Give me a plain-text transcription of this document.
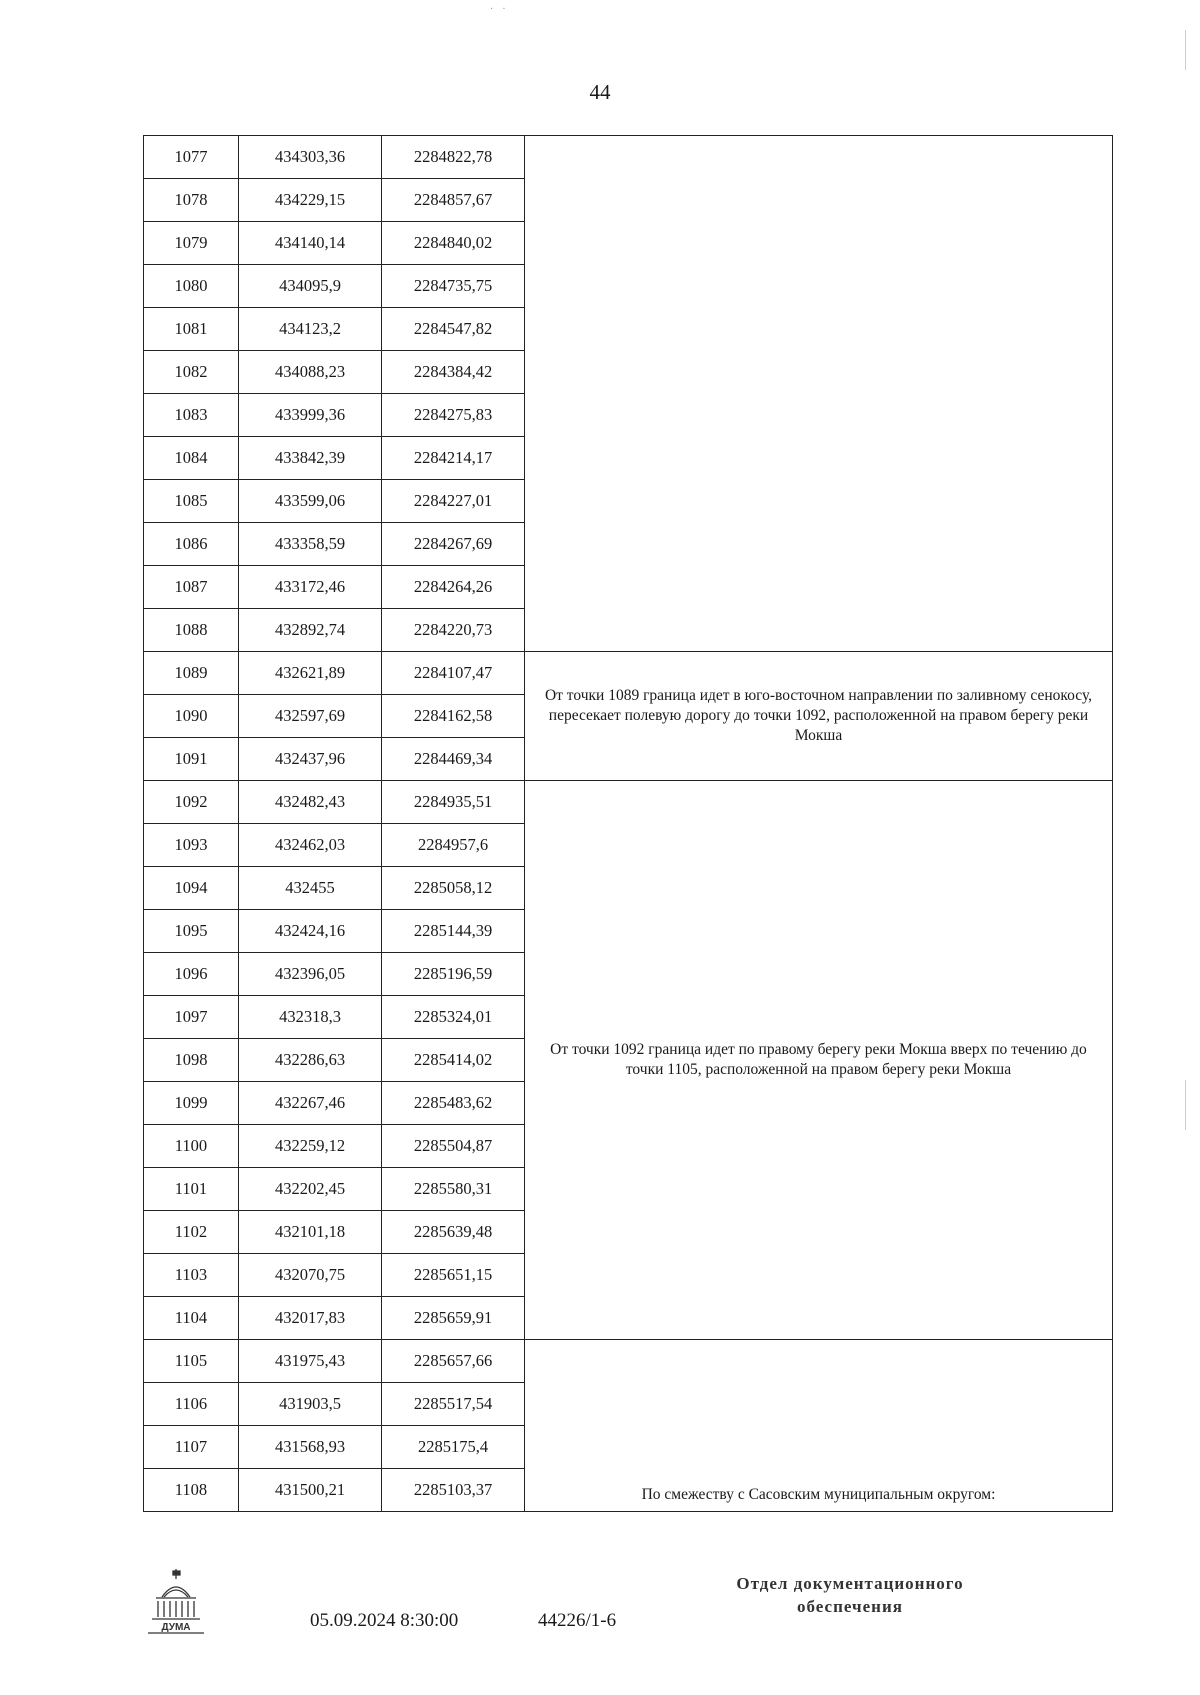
· ·
44
1077	434303,36	2284822,78	
1078	434229,15	2284857,67	
1079	434140,14	2284840,02	
1080	434095,9	2284735,75	
1081	434123,2	2284547,82	
1082	434088,23	2284384,42	
1083	433999,36	2284275,83	
1084	433842,39	2284214,17	
1085	433599,06	2284227,01	
1086	433358,59	2284267,69	
1087	433172,46	2284264,26	
1088	432892,74	2284220,73	
1089	432621,89	2284107,47	От точки 1089 граница идет в юго-восточном направлении по заливному сенокосу, пересекает полевую дорогу до точки 1092, расположенной на правом берегу реки Мокша
1090	432597,69	2284162,58	
1091	432437,96	2284469,34	
1092	432482,43	2284935,51	От точки 1092 граница идет по правому берегу реки Мокша вверх по течению до точки 1105, расположенной на правом берегу реки Мокша
1093	432462,03	2284957,6	
1094	432455	2285058,12	
1095	432424,16	2285144,39	
1096	432396,05	2285196,59	
1097	432318,3	2285324,01	
1098	432286,63	2285414,02	
1099	432267,46	2285483,62	
1100	432259,12	2285504,87	
1101	432202,45	2285580,31	
1102	432101,18	2285639,48	
1103	432070,75	2285651,15	
1104	432017,83	2285659,91	
1105	431975,43	2285657,66	По смежеству с Сасовским муниципальным округом:
1106	431903,5	2285517,54	
1107	431568,93	2285175,4	
1108	431500,21	2285103,37	
ДУМА	05.09.2024 8:30:00	44226/1-6
Отдел документационного
обеспечения
